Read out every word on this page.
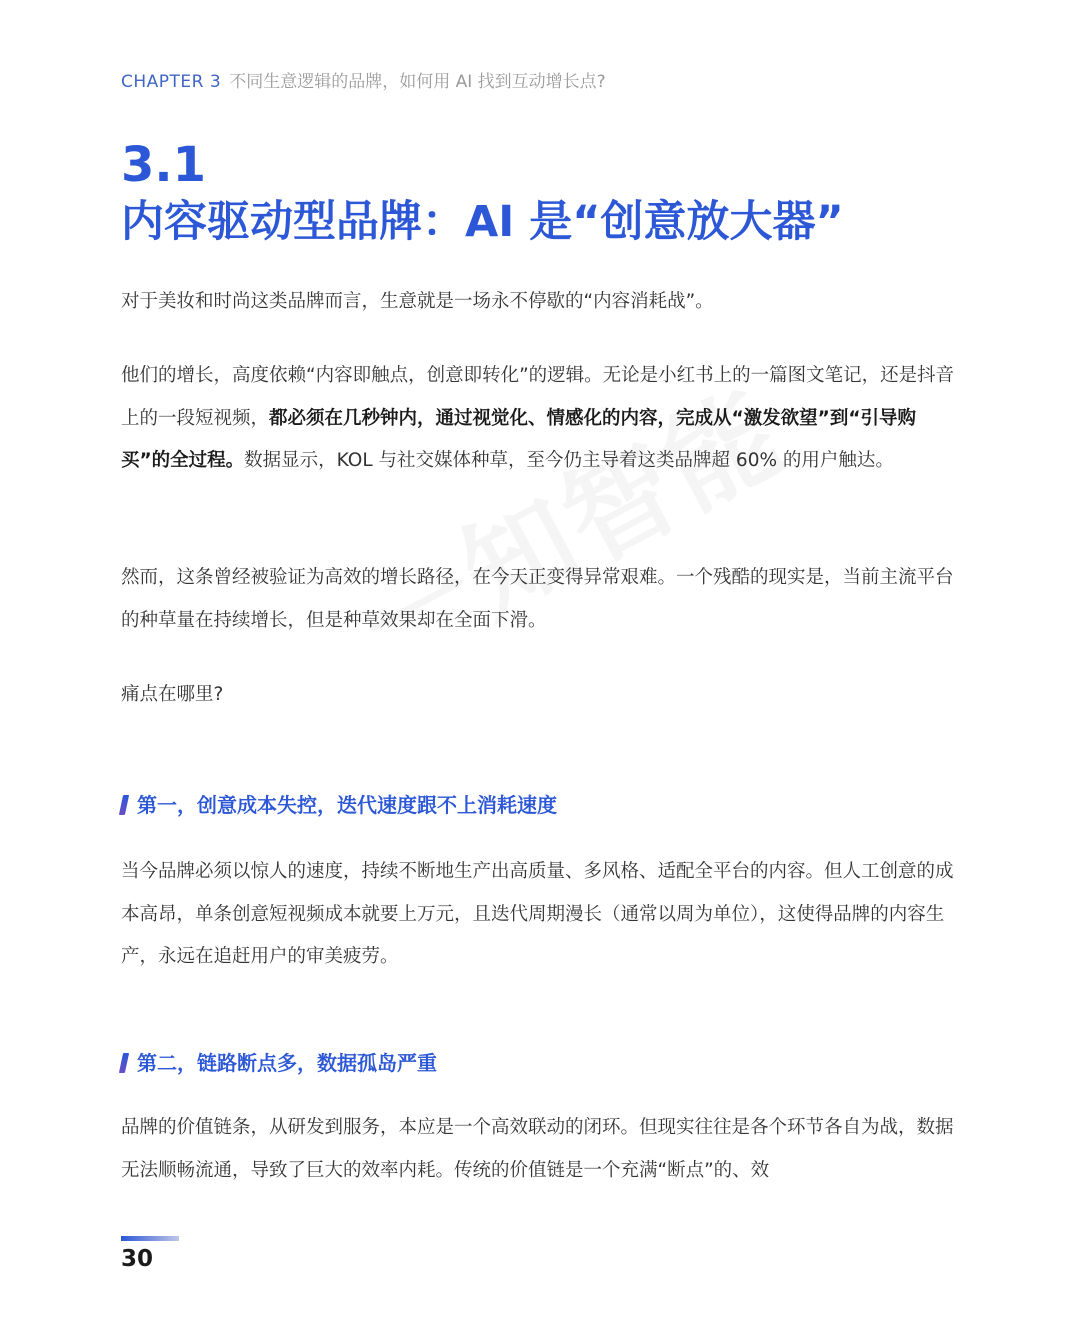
CHAPTER 3 不同生意逻辑的品牌，如何用 AI 找到互动增长点?
3.1
内容驱动型品牌：AI 是“创意放大器”

对于美妆和时尚这类品牌而言，生意就是一场永不停歇的“内容消耗战”。

他们的增长，高度依赖“内容即触点，创意即转化”的逻辑。无论是小红书上的一篇图文笔记，还是抖音上的一段短视频，都必须在几秒钟内，通过视觉化、情感化的内容，完成从“激发欲望”到“引导购买”的全过程。数据显示，KOL 与社交媒体种草，至今仍主导着这类品牌超 60% 的用户触达。

然而，这条曾经被验证为高效的增长路径，在今天正变得异常艰难。一个残酷的现实是，当前主流平台的种草量在持续增长，但是种草效果却在全面下滑。

痛点在哪里?

第一，创意成本失控，迭代速度跟不上消耗速度

当今品牌必须以惊人的速度，持续不断地生产出高质量、多风格、适配全平台的内容。但人工创意的成本高昂，单条创意短视频成本就要上万元，且迭代周期漫长（通常以周为单位），这使得品牌的内容生产，永远在追赶用户的审美疲劳。

第二，链路断点多，数据孤岛严重

品牌的价值链条，从研发到服务，本应是一个高效联动的闭环。但现实往往是各个环节各自为战，数据无法顺畅流通，导致了巨大的效率内耗。传统的价值链是一个充满“断点”的、效

30
